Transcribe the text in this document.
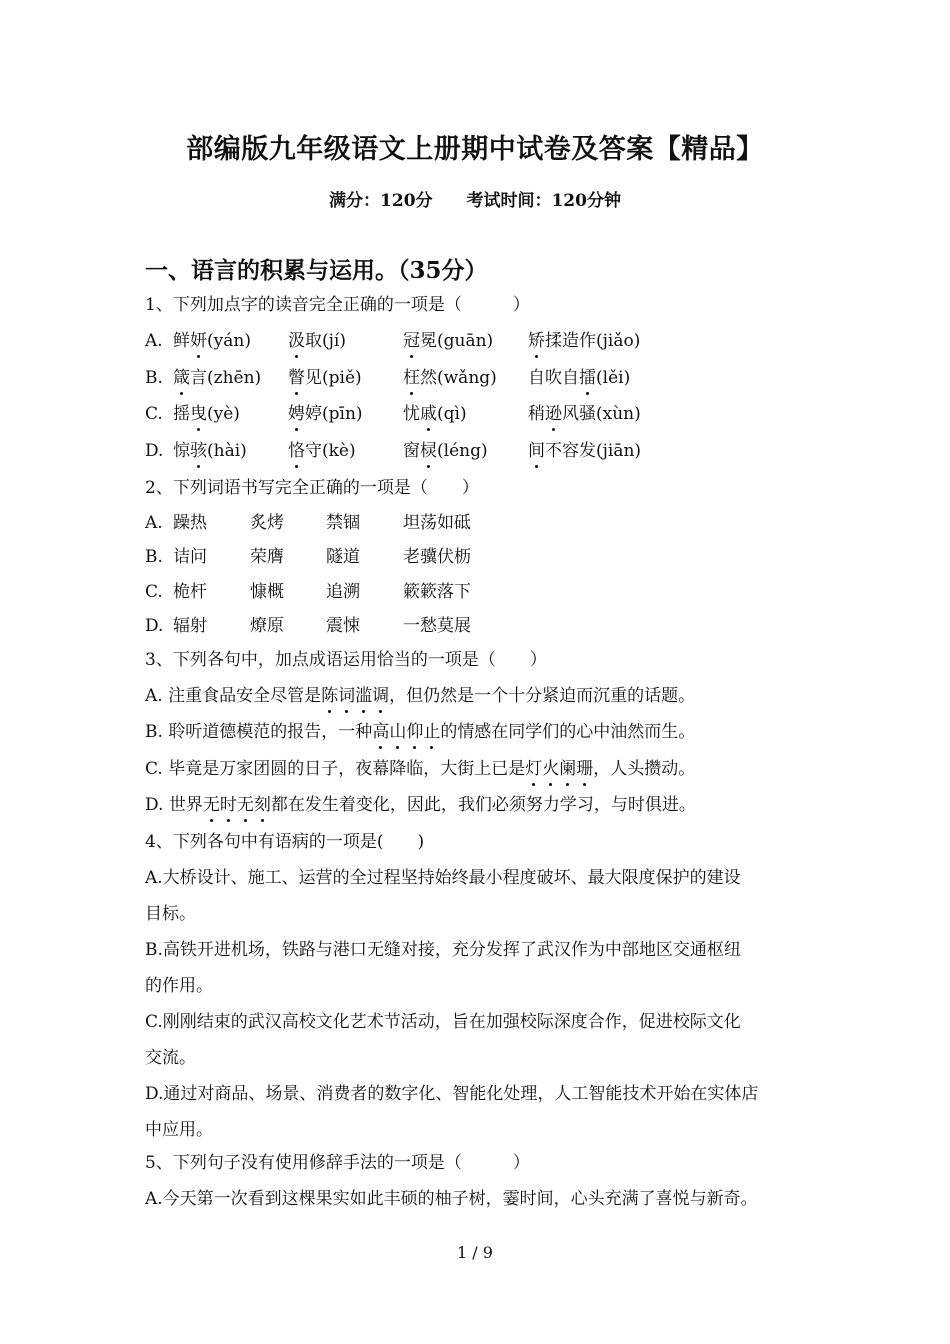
部编版九年级语文上册期中试卷及答案【精品】
满分：120分 考试时间：120分钟
一、语言的积累与运用。（35分）
1、下列加点字的读音完全正确的一项是（　　　）
A. 鲜妍(yán) 汲取(jí)	冠冕(guān) 矫揉造作(jiǎo)
B. 箴言(zhēn) 瞥见(piě) 枉然(wǎng) 自吹自擂(lěi)
C. 摇曳(yè)	娉婷(pīn) 忧戚(qì)	稍逊风骚(xùn)
D. 惊骇(hài) 恪守(kè)	窗棂(léng) 间不容发(jiān)
2、下列词语书写完全正确的一项是（　　）
A. 躁热	炙烤 禁锢	坦荡如砥
B. 诘问	荣膺 隧道	老骥伏枥
C. 桅杆	慷概 追溯	簌簌落下
D. 辐射	燎原 震悚	一愁莫展
3、下列各句中，加点成语运用恰当的一项是（　　）
A. 注重食品安全尽管是陈词滥调，但仍然是一个十分紧迫而沉重的话题。
B. 聆听道德模范的报告，一种高山仰止的情感在同学们的心中油然而生。
C. 毕竟是万家团圆的日子，夜幕降临，大街上已是灯火阑珊，人头攒动。
D. 世界无时无刻都在发生着变化，因此，我们必须努力学习，与时俱进。
4、下列各句中有语病的一项是(　　)
A.大桥设计、施工、运营的全过程坚持始终最小程度破坏、最大限度保护的建设
目标。
B.高铁开进机场，铁路与港口无缝对接，充分发挥了武汉作为中部地区交通枢纽
的作用。
C.刚刚结束的武汉高校文化艺术节活动，旨在加强校际深度合作，促进校际文化
交流。
D.通过对商品、场景、消费者的数字化、智能化处理，人工智能技术开始在实体店
中应用。
5、下列句子没有使用修辞手法的一项是（　　　）
A.今天第一次看到这棵果实如此丰硕的柚子树，霎时间，心头充满了喜悦与新奇。
1 / 9
